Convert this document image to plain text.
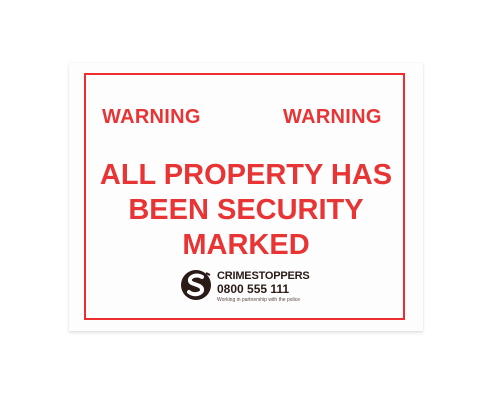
WARNING	WARNING
ALL PROPERTY HAS
BEEN SECURITY
MARKED
CRIMESTOPPERS
0800 555 111
Working in partnership with the police
